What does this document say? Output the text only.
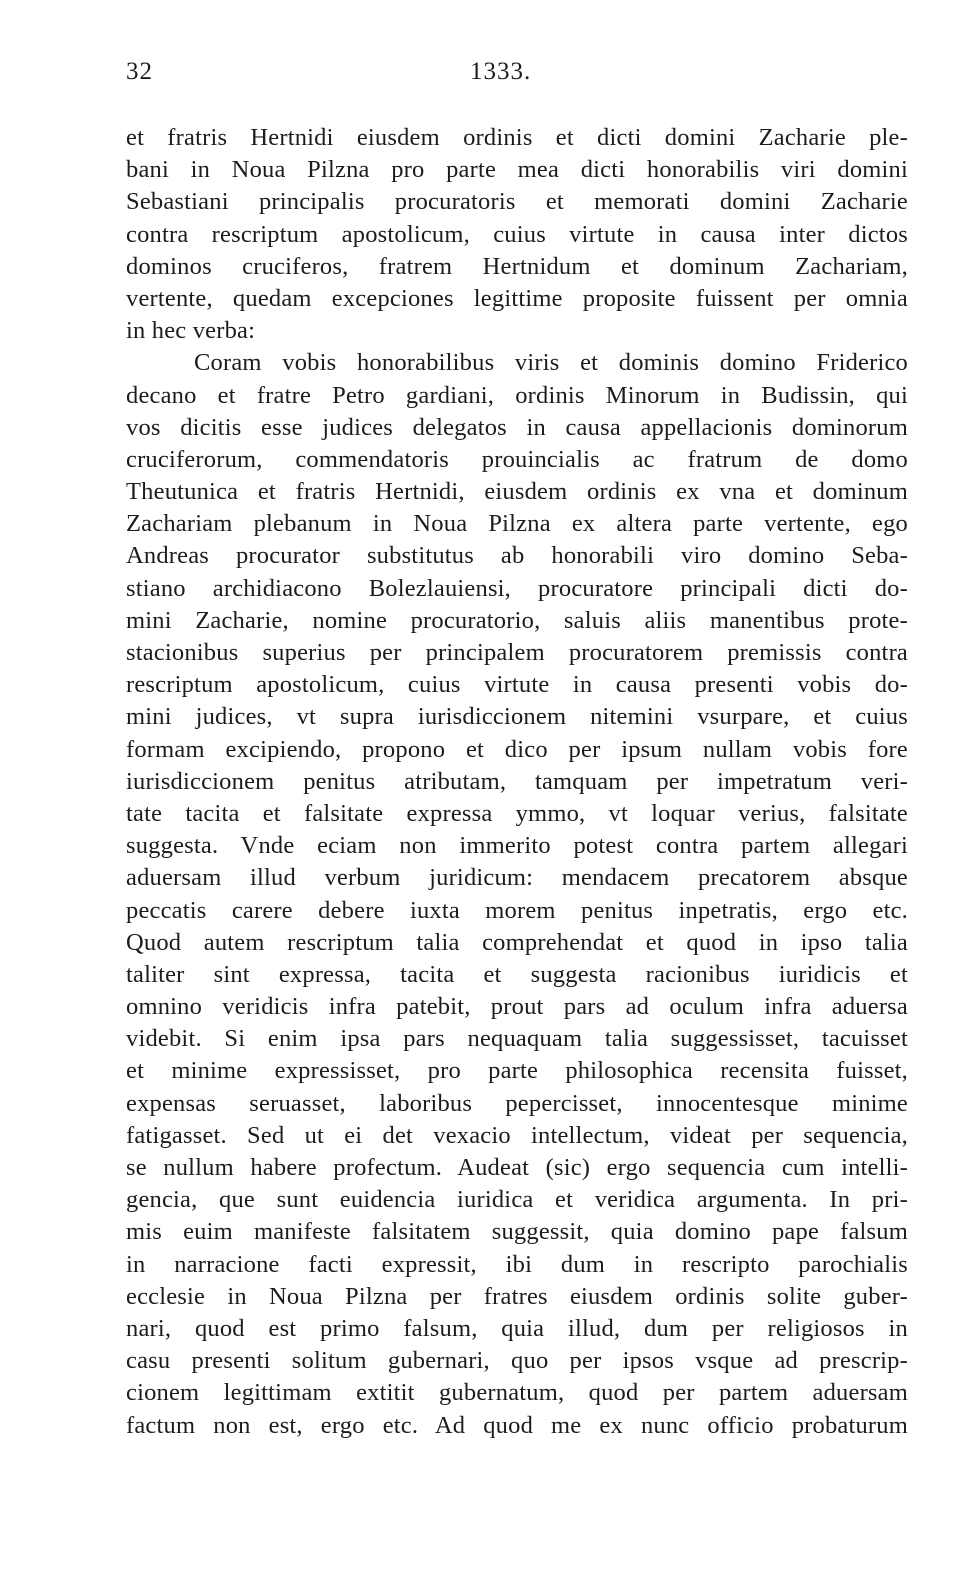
32	1333.
et fratris Hertnidi eiusdem ordinis et dicti domini Zacharie ple-
bani in Noua Pilzna pro parte mea dicti honorabilis viri domini
Sebastiani principalis procuratoris et memorati domini Zacharie
contra rescriptum apostolicum, cuius virtute in causa inter dictos
dominos cruciferos, fratrem Hertnidum et dominum Zachariam,
vertente, quedam excepciones legittime proposite fuissent per omnia
in hec verba:
Coram vobis honorabilibus viris et dominis domino Friderico
decano et fratre Petro gardiani, ordinis Minorum in Budissin, qui
vos dicitis esse judices delegatos in causa appellacionis dominorum
cruciferorum, commendatoris prouincialis ac fratrum de domo
Theutunica et fratris Hertnidi, eiusdem ordinis ex vna et dominum
Zachariam plebanum in Noua Pilzna ex altera parte vertente, ego
Andreas procurator substitutus ab honorabili viro domino Seba-
stiano archidiacono Bolezlauiensi, procuratore principali dicti do-
mini Zacharie, nomine procuratorio, saluis aliis manentibus prote-
stacionibus superius per principalem procuratorem premissis contra
rescriptum apostolicum, cuius virtute in causa presenti vobis do-
mini judices, vt supra iurisdiccionem nitemini vsurpare, et cuius
formam excipiendo, propono et dico per ipsum nullam vobis fore
iurisdiccionem penitus atributam, tamquam per impetratum veri-
tate tacita et falsitate expressa ymmo, vt loquar verius, falsitate
suggesta. Vnde eciam non immerito potest contra partem allegari
aduersam illud verbum juridicum: mendacem precatorem absque
peccatis carere debere iuxta morem penitus inpetratis, ergo etc.
Quod autem rescriptum talia comprehendat et quod in ipso talia
taliter sint expressa, tacita et suggesta racionibus iuridicis et
omnino veridicis infra patebit, prout pars ad oculum infra aduersa
videbit. Si enim ipsa pars nequaquam talia suggessisset, tacuisset
et minime expressisset, pro parte philosophica recensita fuisset,
expensas seruasset, laboribus pepercisset, innocentesque minime
fatigasset. Sed ut ei det vexacio intellectum, videat per sequencia,
se nullum habere profectum. Audeat (sic) ergo sequencia cum intelli-
gencia, que sunt euidencia iuridica et veridica argumenta. In pri-
mis euim manifeste falsitatem suggessit, quia domino pape falsum
in narracione facti expressit, ibi dum in rescripto parochialis
ecclesie in Noua Pilzna per fratres eiusdem ordinis solite guber-
nari, quod est primo falsum, quia illud, dum per religiosos in
casu presenti solitum gubernari, quo per ipsos vsque ad prescrip-
cionem legittimam extitit gubernatum, quod per partem aduersam
factum non est, ergo etc. Ad quod me ex nunc officio probaturum
